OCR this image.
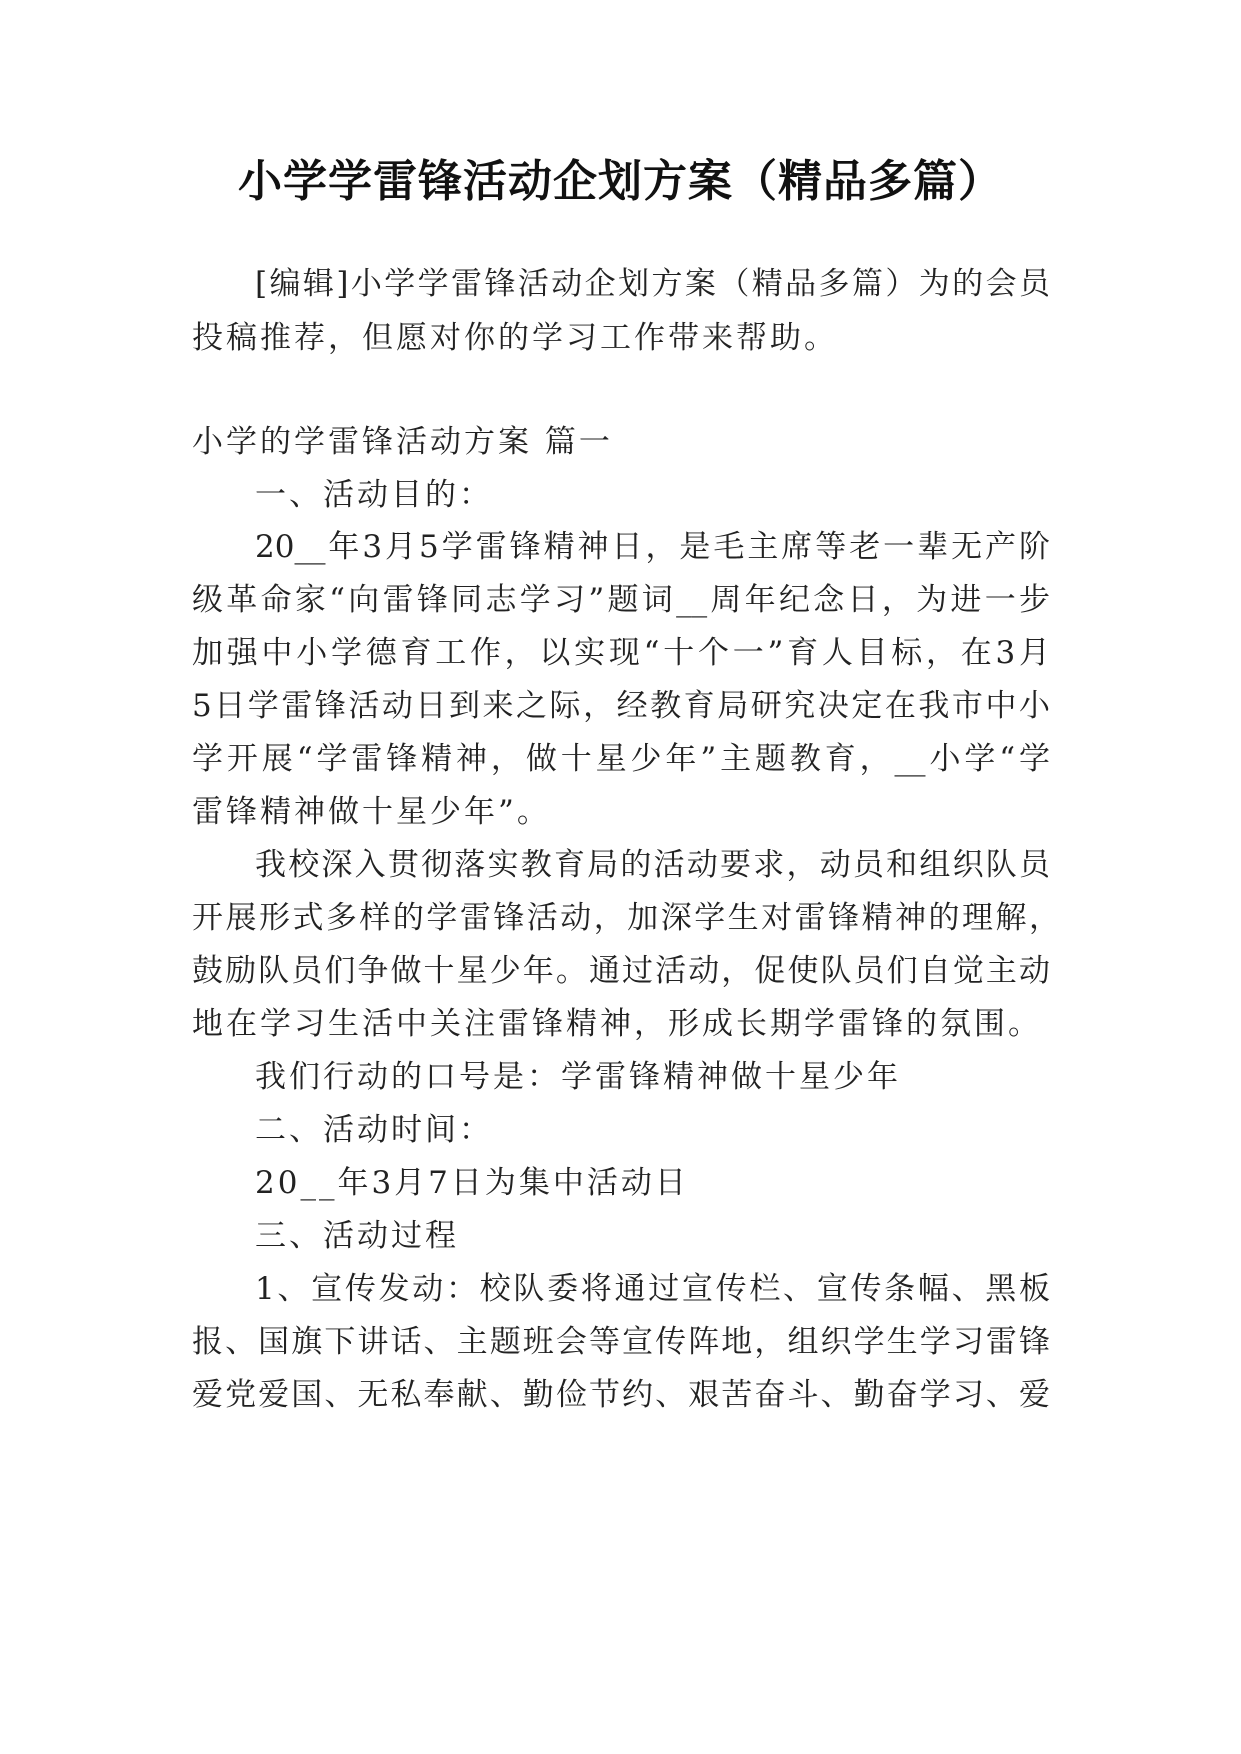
小学学雷锋活动企划方案（精品多篇）
[编辑]小学学雷锋活动企划方案（精品多篇）为的会员
投稿推荐，但愿对你的学习工作带来帮助。
小学的学雷锋活动方案 篇一
一、活动目的：
20__年3月5学雷锋精神日，是毛主席等老一辈无产阶
级革命家“向雷锋同志学习”题词__周年纪念日，为进一步
加强中小学德育工作，以实现“十个一”育人目标，在3月
5日学雷锋活动日到来之际，经教育局研究决定在我市中小
学开展“学雷锋精神，做十星少年”主题教育，__小学“学
雷锋精神做十星少年”。
我校深入贯彻落实教育局的活动要求，动员和组织队员
开展形式多样的学雷锋活动，加深学生对雷锋精神的理解，
鼓励队员们争做十星少年。通过活动，促使队员们自觉主动
地在学习生活中关注雷锋精神，形成长期学雷锋的氛围。
我们行动的口号是：学雷锋精神做十星少年
二、活动时间：
20__年3月7日为集中活动日
三、活动过程
1、宣传发动：校队委将通过宣传栏、宣传条幅、黑板
报、国旗下讲话、主题班会等宣传阵地，组织学生学习雷锋
爱党爱国、无私奉献、勤俭节约、艰苦奋斗、勤奋学习、爱
